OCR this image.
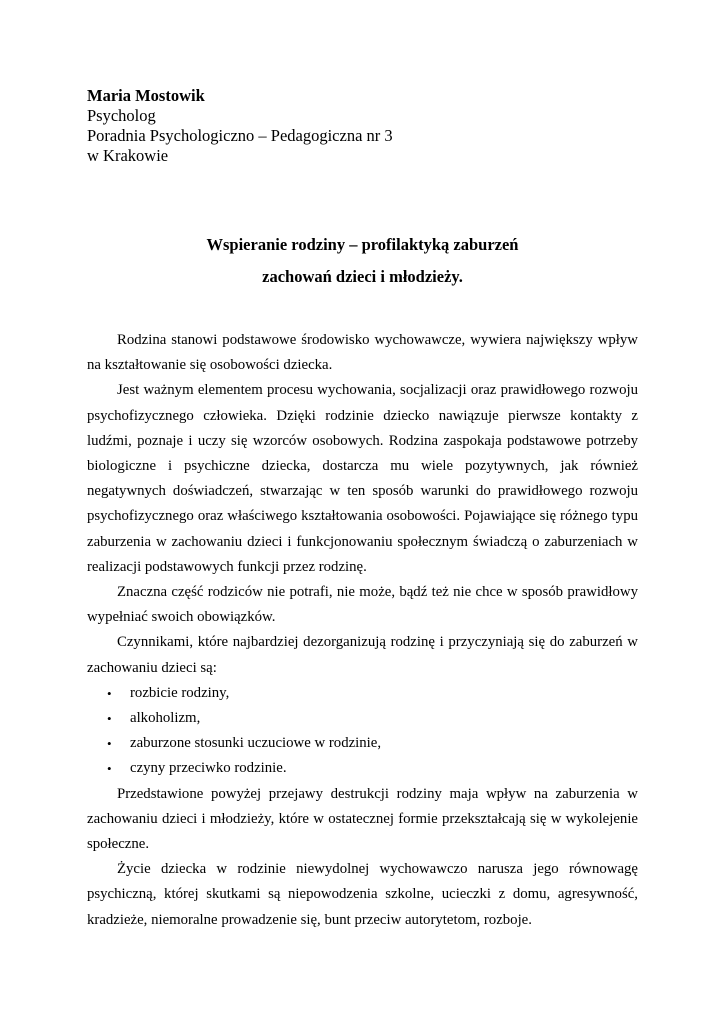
Maria Mostowik
Psycholog
Poradnia Psychologiczno – Pedagogiczna nr 3
w Krakowie
Wspieranie rodziny – profilaktyką zaburzeń
zachowań dzieci i młodzieży.

Rodzina stanowi podstawowe środowisko wychowawcze, wywiera największy wpływ na kształtowanie się osobowości dziecka.

Jest ważnym elementem procesu wychowania, socjalizacji oraz prawidłowego rozwoju psychofizycznego człowieka. Dzięki rodzinie dziecko nawiązuje pierwsze kontakty z ludźmi, poznaje i uczy się wzorców osobowych. Rodzina zaspokaja podstawowe potrzeby biologiczne i psychiczne dziecka, dostarcza mu wiele pozytywnych, jak również negatywnych doświadczeń, stwarzając w ten sposób warunki do prawidłowego rozwoju psychofizycznego oraz właściwego kształtowania osobowości. Pojawiające się różnego typu zaburzenia w zachowaniu dzieci i funkcjonowaniu społecznym świadczą o zaburzeniach w realizacji podstawowych funkcji przez rodzinę.

Znaczna część rodziców nie potrafi, nie może, bądź też nie chce w sposób prawidłowy wypełniać swoich obowiązków.

Czynnikami, które najbardziej dezorganizują rodzinę i przyczyniają się do zaburzeń w zachowaniu dzieci są:

• rozbicie rodziny,
• alkoholizm,
• zaburzone stosunki uczuciowe w rodzinie,
• czyny przeciwko rodzinie.

Przedstawione powyżej przejawy destrukcji rodziny maja wpływ na zaburzenia w zachowaniu dzieci i młodzieży, które w ostatecznej formie przekształcają się w wykolejenie społeczne.

Życie dziecka w rodzinie niewydolnej wychowawczo narusza jego równowagę psychiczną, której skutkami są niepowodzenia szkolne, ucieczki z domu, agresywność, kradzieże, niemoralne prowadzenie się, bunt przeciw autorytetom, rozboje.
